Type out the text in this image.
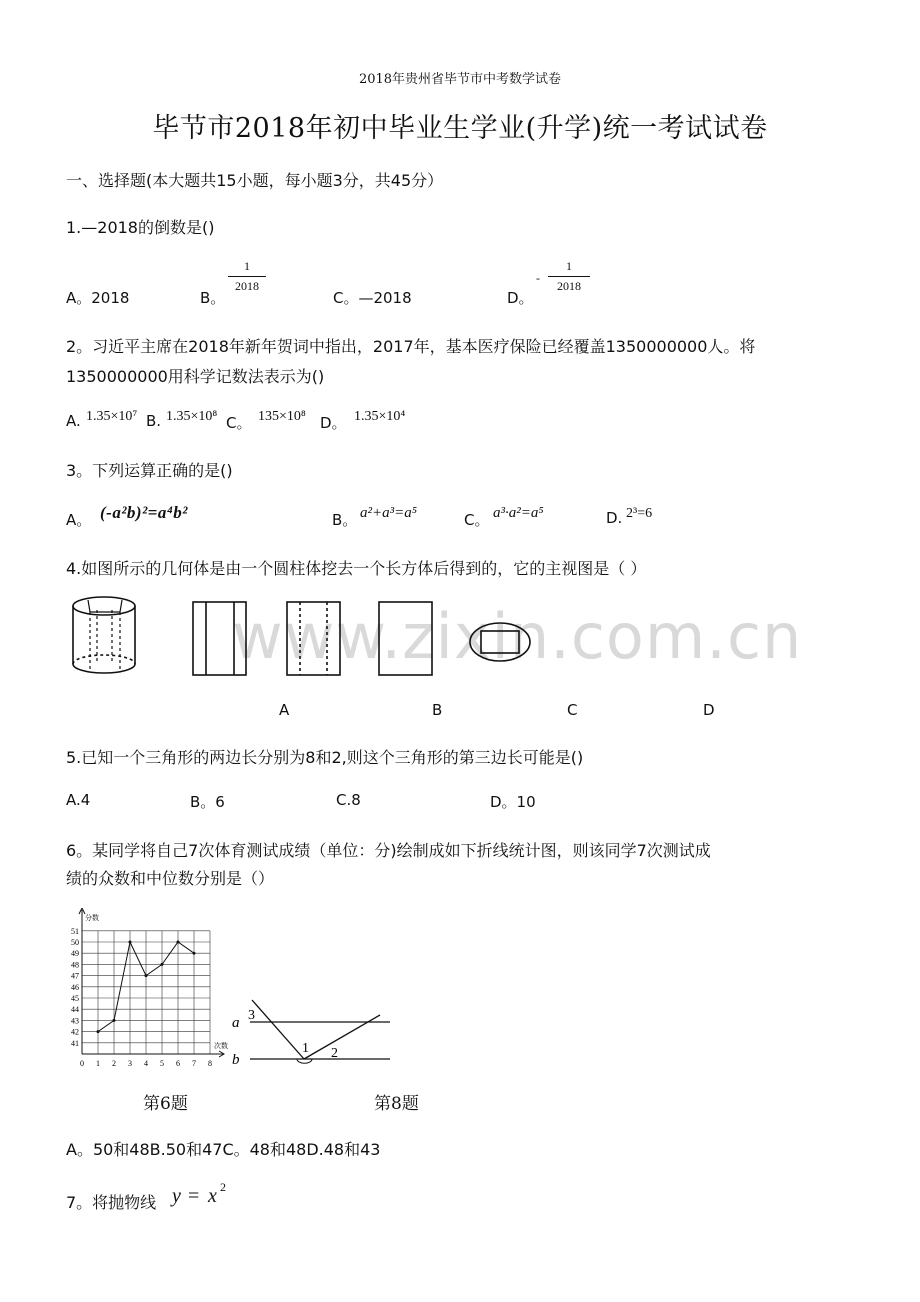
2018年贵州省毕节市中考数学试卷
毕节市2018年初中毕业生学业(升学)统一考试试卷
www.zixin.com.cn
一、选择题(本大题共15小题，每小题3分，共45分）
1.—2018的倒数是()
A。2018	B。
1
2018
C。—2018	D。
-
1
2018
2。习近平主席在2018年新年贺词中指出，2017年，基本医疗保险已经覆盖1350000000人。将
1350000000用科学记数法表示为()
A. 1.35×10⁷ B. 1.35×10⁸ C。 135×10⁸ D。 1.35×10⁴
3。下列运算正确的是()
A。 (-a²b)²=a⁴b²	B。 a²+a³=a⁵	C。 a³·a²=a⁵	D. 2³=6
4.如图所示的几何体是由一个圆柱体挖去一个长方体后得到的，它的主视图是（ ）
A	B	C	D
5.已知一个三角形的两边长分别为8和2,则这个三角形的第三边长可能是()
A.4	B。6	C.8	D。10
6。某同学将自己7次体育测试成绩（单位：分)绘制成如下折线统计图，则该同学7次测试成
绩的众数和中位数分别是（）
分数
次数
41
42
43
44
45
46
47
48
49
50
51
0 1 2 3 4 5 6 7 8
a
b
3
1 2
第6题	第8题
A。50和48B.50和47C。48和48D.48和43
7。将抛物线 y = x 2
